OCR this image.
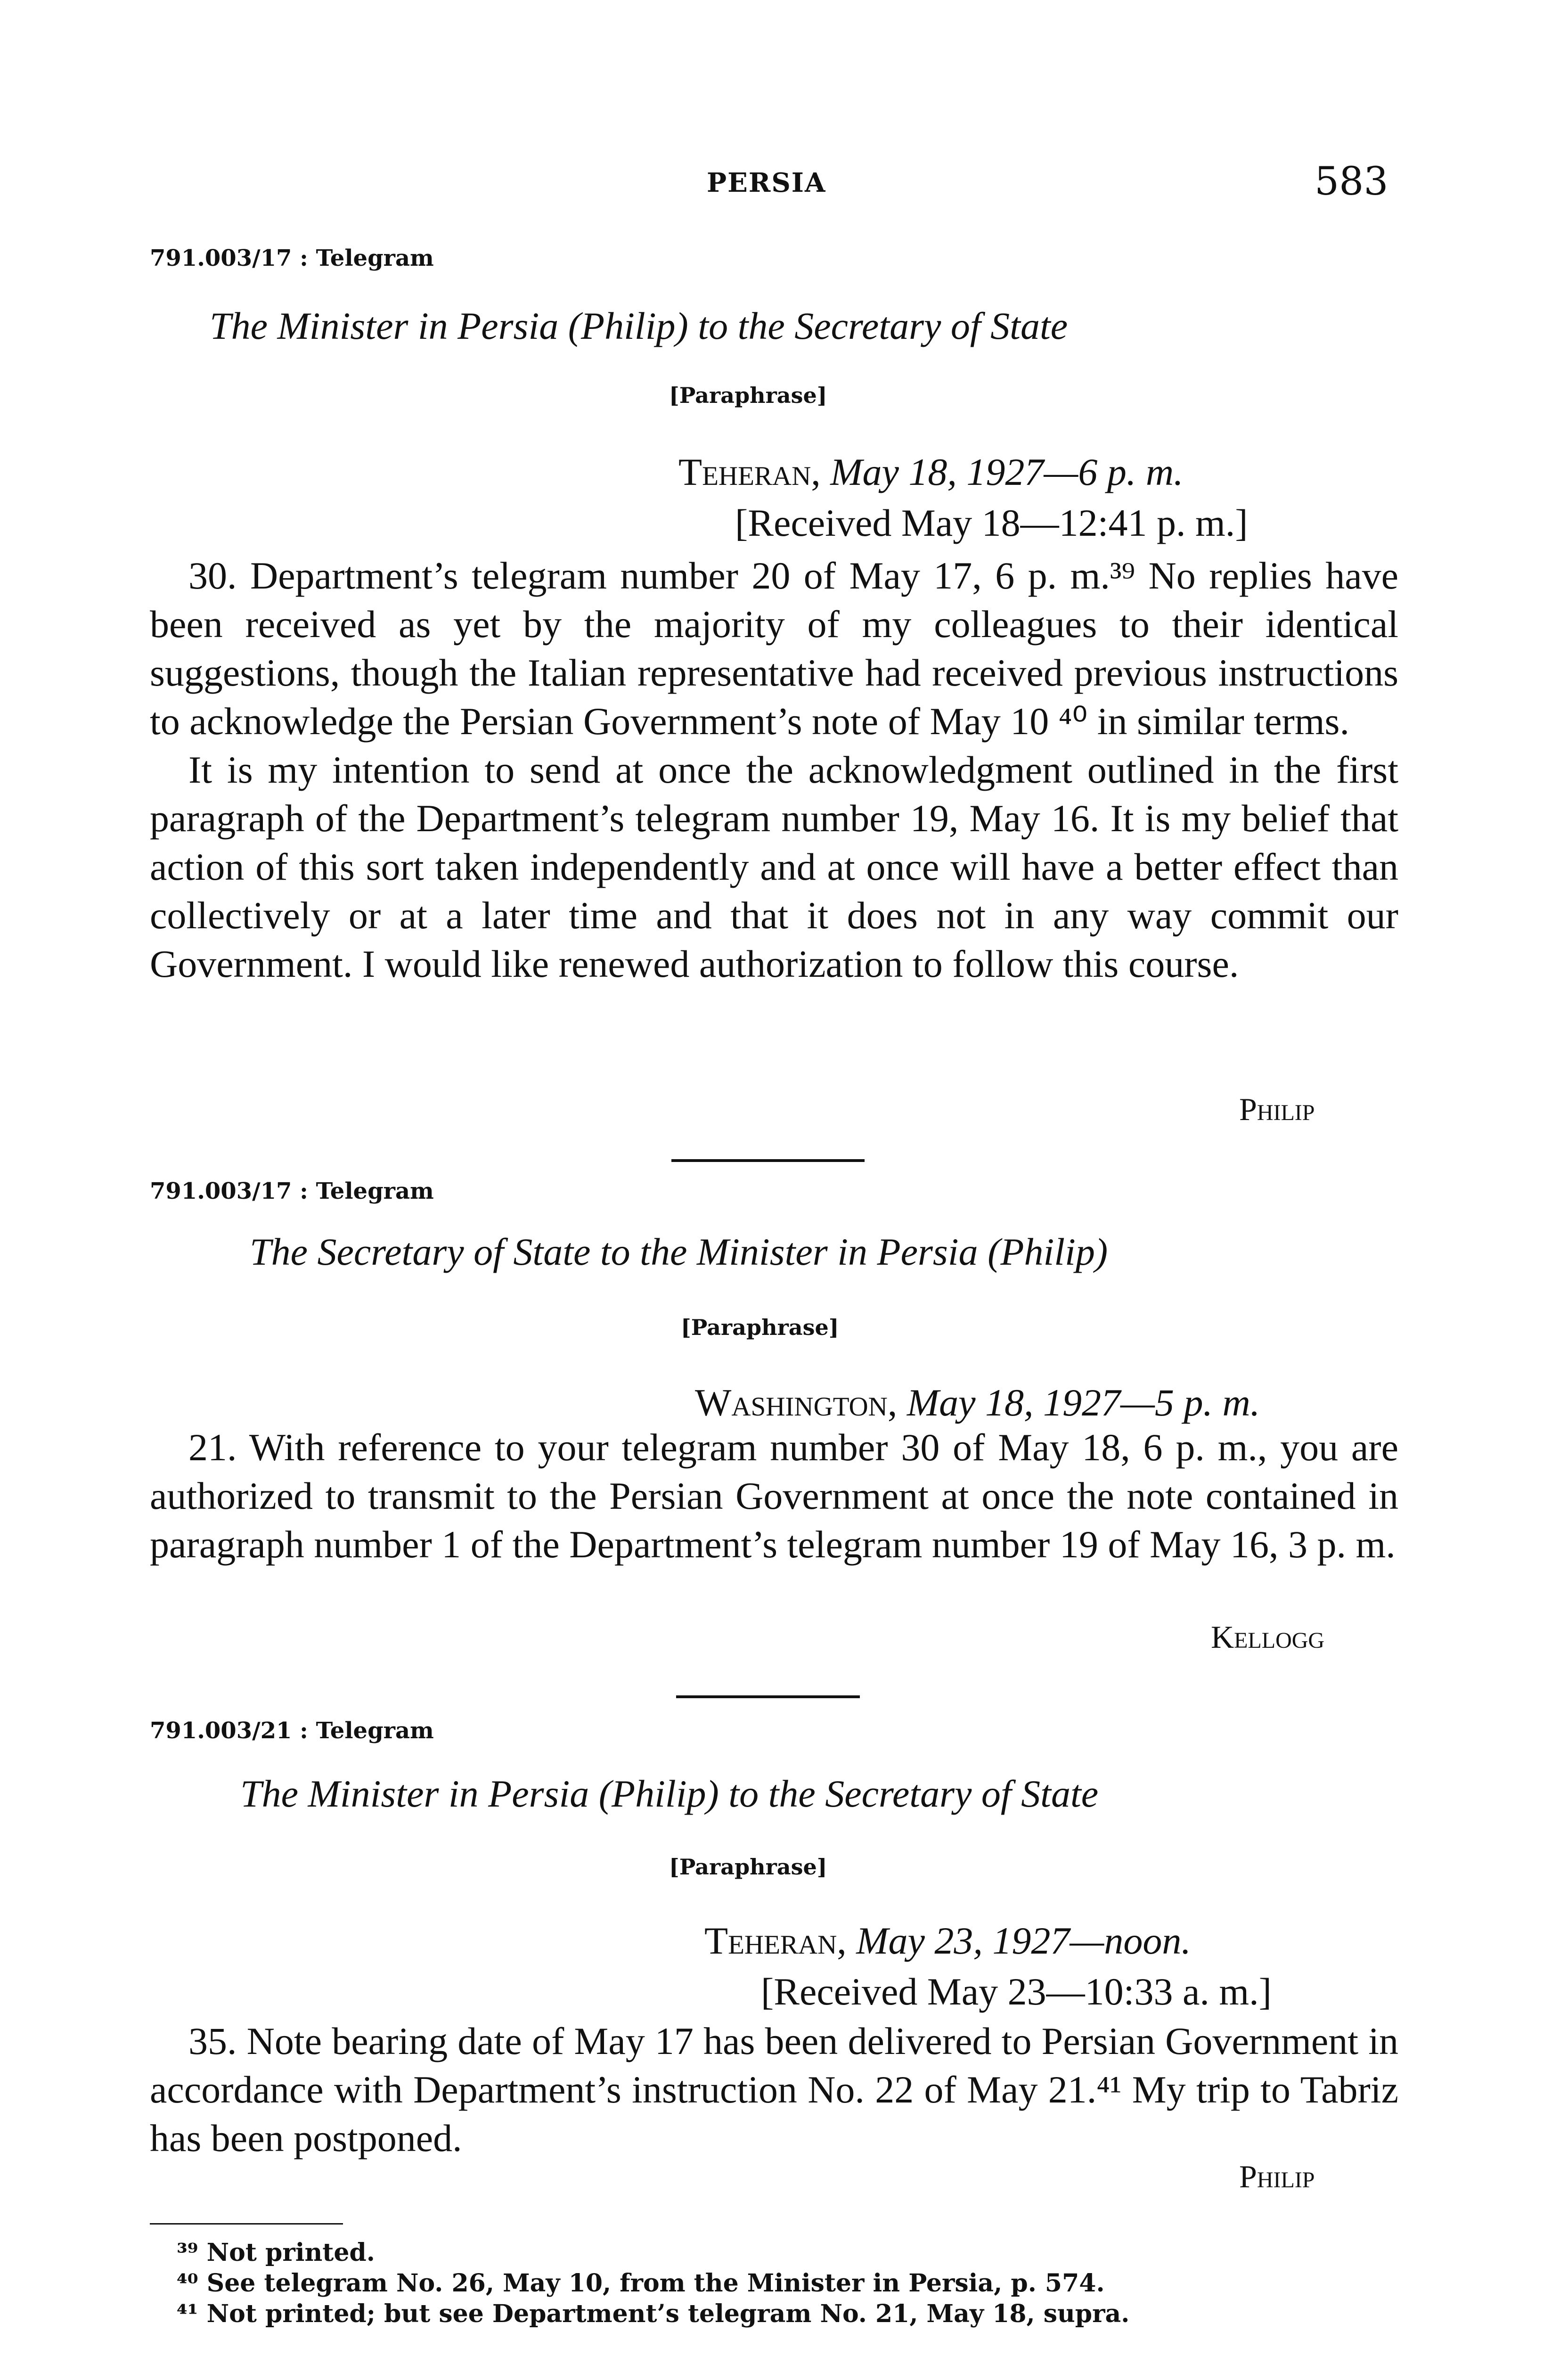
PERSIA	583
791.003/17 : Telegram
The Minister in Persia (Philip) to the Secretary of State
[Paraphrase]
Teheran, May 18, 1927—6 p. m.
[Received May 18—12:41 p. m.]

30. Department’s telegram number 20 of May 17, 6 p. m.³⁹ No replies have been received as yet by the majority of my colleagues to their identical suggestions, though the Italian representative had received previous instructions to acknowledge the Persian Government’s note of May 10 ⁴⁰ in similar terms.

It is my intention to send at once the acknowledgment outlined in the first paragraph of the Department’s telegram number 19, May 16. It is my belief that action of this sort taken independently and at once will have a better effect than collectively or at a later time and that it does not in any way commit our Government. I would like renewed authorization to follow this course.

Philip
791.003/17 : Telegram
The Secretary of State to the Minister in Persia (Philip)
[Paraphrase]
Washington, May 18, 1927—5 p. m.

21. With reference to your telegram number 30 of May 18, 6 p. m., you are authorized to transmit to the Persian Government at once the note contained in paragraph number 1 of the Department’s telegram number 19 of May 16, 3 p. m.

Kellogg
791.003/21 : Telegram
The Minister in Persia (Philip) to the Secretary of State
[Paraphrase]
Teheran, May 23, 1927—noon.
[Received May 23—10:33 a. m.]

35. Note bearing date of May 17 has been delivered to Persian Government in accordance with Department’s instruction No. 22 of May 21.⁴¹ My trip to Tabriz has been postponed.

Philip
³⁹ Not printed.
⁴⁰ See telegram No. 26, May 10, from the Minister in Persia, p. 574.
⁴¹ Not printed; but see Department’s telegram No. 21, May 18, supra.
